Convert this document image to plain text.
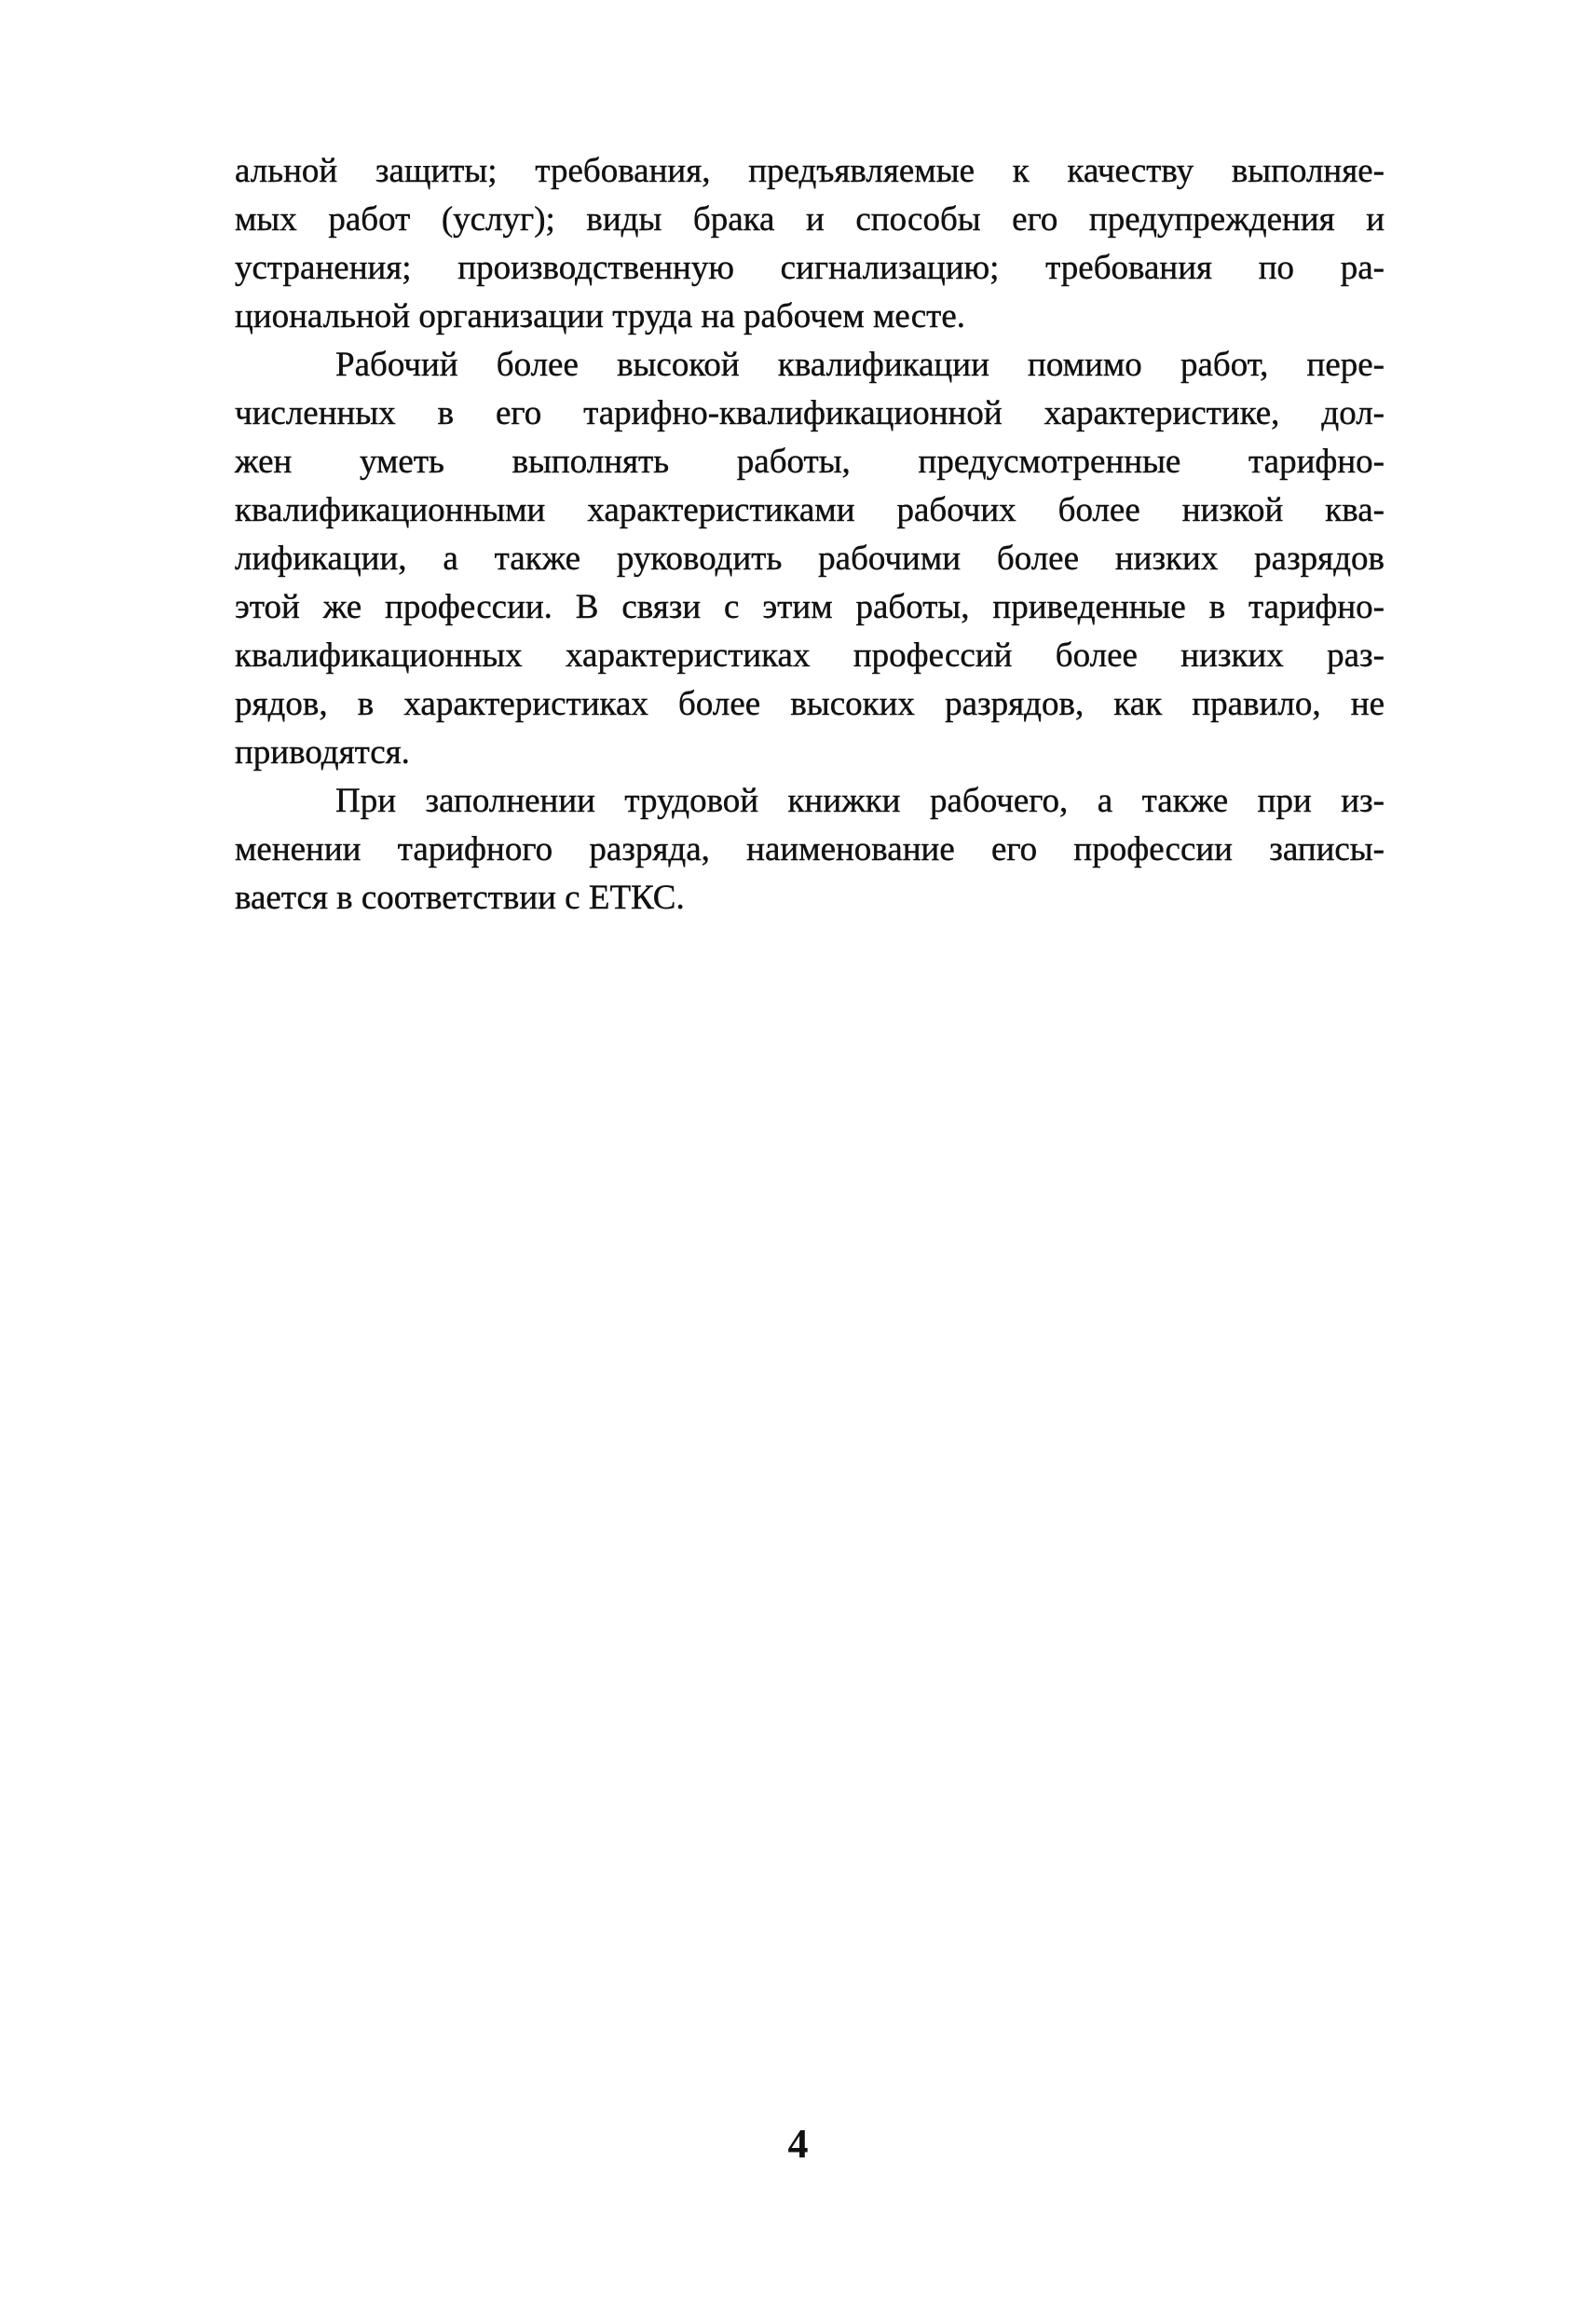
альной защиты; требования, предъявляемые к качеству выполняе-
мых работ (услуг); виды брака и способы его предупреждения и
устранения; производственную сигнализацию; требования по ра-
циональной организации труда на рабочем месте.
Рабочий более высокой квалификации помимо работ, пере-
численных в его тарифно-квалификационной характеристике, дол-
жен уметь выполнять работы, предусмотренные тарифно-
квалификационными характеристиками рабочих более низкой ква-
лификации, а также руководить рабочими более низких разрядов
этой же профессии. В связи с этим работы, приведенные в тарифно-
квалификационных характеристиках профессий более низких раз-
рядов, в характеристиках более высоких разрядов, как правило, не
приводятся.
При заполнении трудовой книжки рабочего, а также при из-
менении тарифного разряда, наименование его профессии записы-
вается в соответствии с ЕТКС.
4
